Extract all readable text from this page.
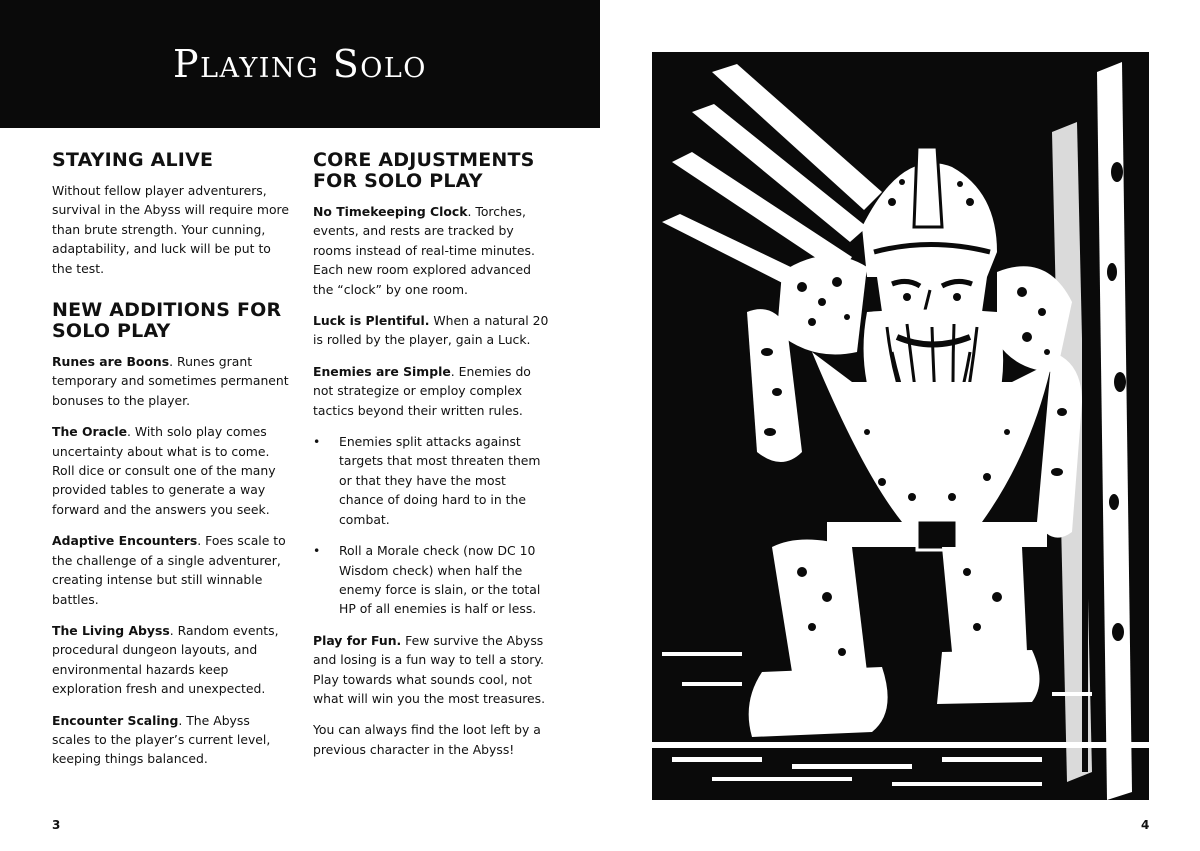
Playing Solo
STAYING ALIVE

Without fellow player adventurers, survival in the Abyss will require more than brute strength. Your cunning, adaptability, and luck will be put to the test.

NEW ADDITIONS FOR SOLO PLAY

Runes are Boons. Runes grant temporary and sometimes permanent bonuses to the player.

The Oracle. With solo play comes uncertainty about what is to come. Roll dice or consult one of the many provided tables to generate a way forward and the answers you seek.

Adaptive Encounters. Foes scale to the challenge of a single adventurer, creating intense but still winnable battles.

The Living Abyss. Random events, procedural dungeon layouts, and environmental hazards keep exploration fresh and unexpected.

Encounter Scaling. The Abyss scales to the player’s current level, keeping things balanced.

CORE ADJUSTMENTS FOR SOLO PLAY

No Timekeeping Clock. Torches, events, and rests are tracked by rooms instead of real-time minutes. Each new room explored advanced the “clock” by one room.

Luck is Plentiful. When a natural 20 is rolled by the player, gain a Luck.

Enemies are Simple. Enemies do not strategize or employ complex tactics beyond their written rules.

• Enemies split attacks against targets that most threaten them or that they have the most chance of doing hard to in the combat.
• Roll a Morale check (now DC 10 Wisdom check) when half the enemy force is slain, or the total HP of all enemies is half or less.

Play for Fun. Few survive the Abyss and losing is a fun way to tell a story. Play towards what sounds cool, not what will win you the most treasures.

You can always find the loot left by a previous character in the Abyss!

3	4
